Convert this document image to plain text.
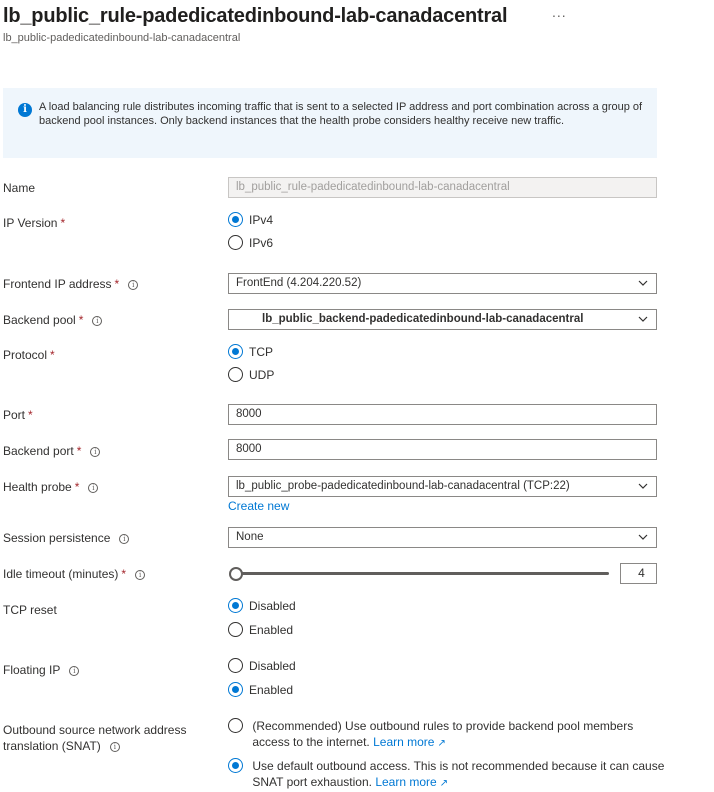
lb_public_rule-padedicatedinbound-lab-canadacentral	...
lb_public-padedicatedinbound-lab-canadacentral
i	A load balancing rule distributes incoming traffic that is sent to a selected IP address and port combination across a group of backend pool instances. Only backend instances that the health probe considers healthy receive new traffic.
Name	lb_public_rule-padedicatedinbound-lab-canadacentral
IP Version *	IPv4
IPv6
Frontend IP address * i	FrontEnd (4.204.220.52)
Backend pool * i	lb_public_backend-padedicatedinbound-lab-canadacentral
Protocol *	TCP
UDP
Port *	8000
Backend port * i	8000
Health probe * i	lb_public_probe-padedicatedinbound-lab-canadacentral (TCP:22)
Create new
Session persistence i	None
Idle timeout (minutes) * i	4
TCP reset	Disabled
Enabled
Floating IP i	Disabled
Enabled
Outbound source network address
translation (SNAT) i
(Recommended) Use outbound rules to provide backend pool members
access to the internet. Learn more ↗
Use default outbound access. This is not recommended because it can cause
SNAT port exhaustion. Learn more ↗
